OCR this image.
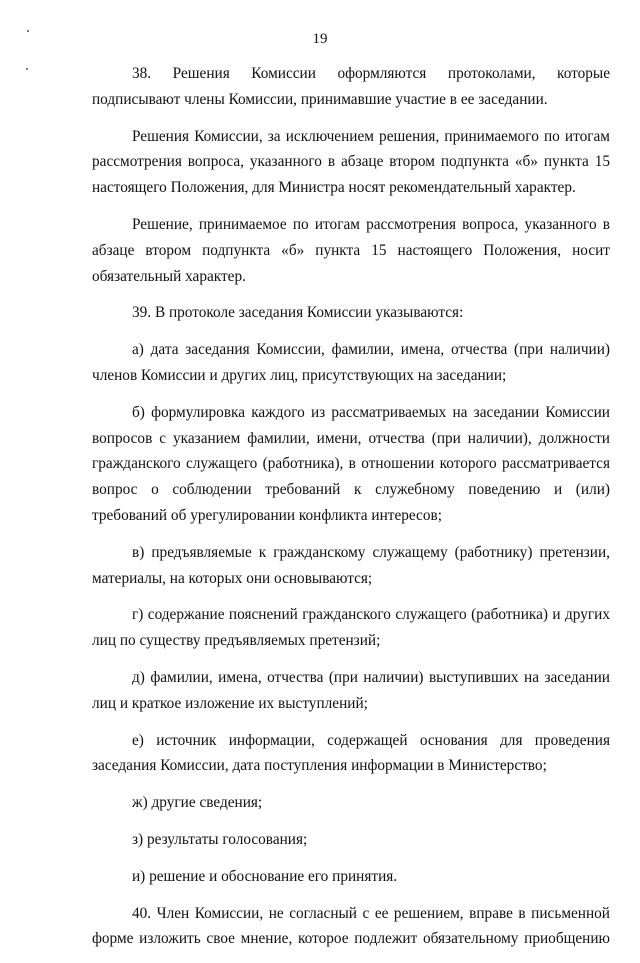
19

38. Решения Комиссии оформляются протоколами, которые подписывают члены Комиссии, принимавшие участие в ее заседании.

Решения Комиссии, за исключением решения, принимаемого по итогам рассмотрения вопроса, указанного в абзаце втором подпункта «б» пункта 15 настоящего Положения, для Министра носят рекомендательный характер.

Решение, принимаемое по итогам рассмотрения вопроса, указанного в абзаце втором подпункта «б» пункта 15 настоящего Положения, носит обязательный характер.

39. В протоколе заседания Комиссии указываются:

а) дата заседания Комиссии, фамилии, имена, отчества (при наличии) членов Комиссии и других лиц, присутствующих на заседании;

б) формулировка каждого из рассматриваемых на заседании Комиссии вопросов с указанием фамилии, имени, отчества (при наличии), должности гражданского служащего (работника), в отношении которого рассматривается вопрос о соблюдении требований к служебному поведению и (или) требований об урегулировании конфликта интересов;

в) предъявляемые к гражданскому служащему (работнику) претензии, материалы, на которых они основываются;

г) содержание пояснений гражданского служащего (работника) и других лиц по существу предъявляемых претензий;

д) фамилии, имена, отчества (при наличии) выступивших на заседании лиц и краткое изложение их выступлений;

е) источник информации, содержащей основания для проведения заседания Комиссии, дата поступления информации в Министерство;

ж) другие сведения;

з) результаты голосования;

и) решение и обоснование его принятия.

40. Член Комиссии, не согласный с ее решением, вправе в письменной форме изложить свое мнение, которое подлежит обязательному приобщению
